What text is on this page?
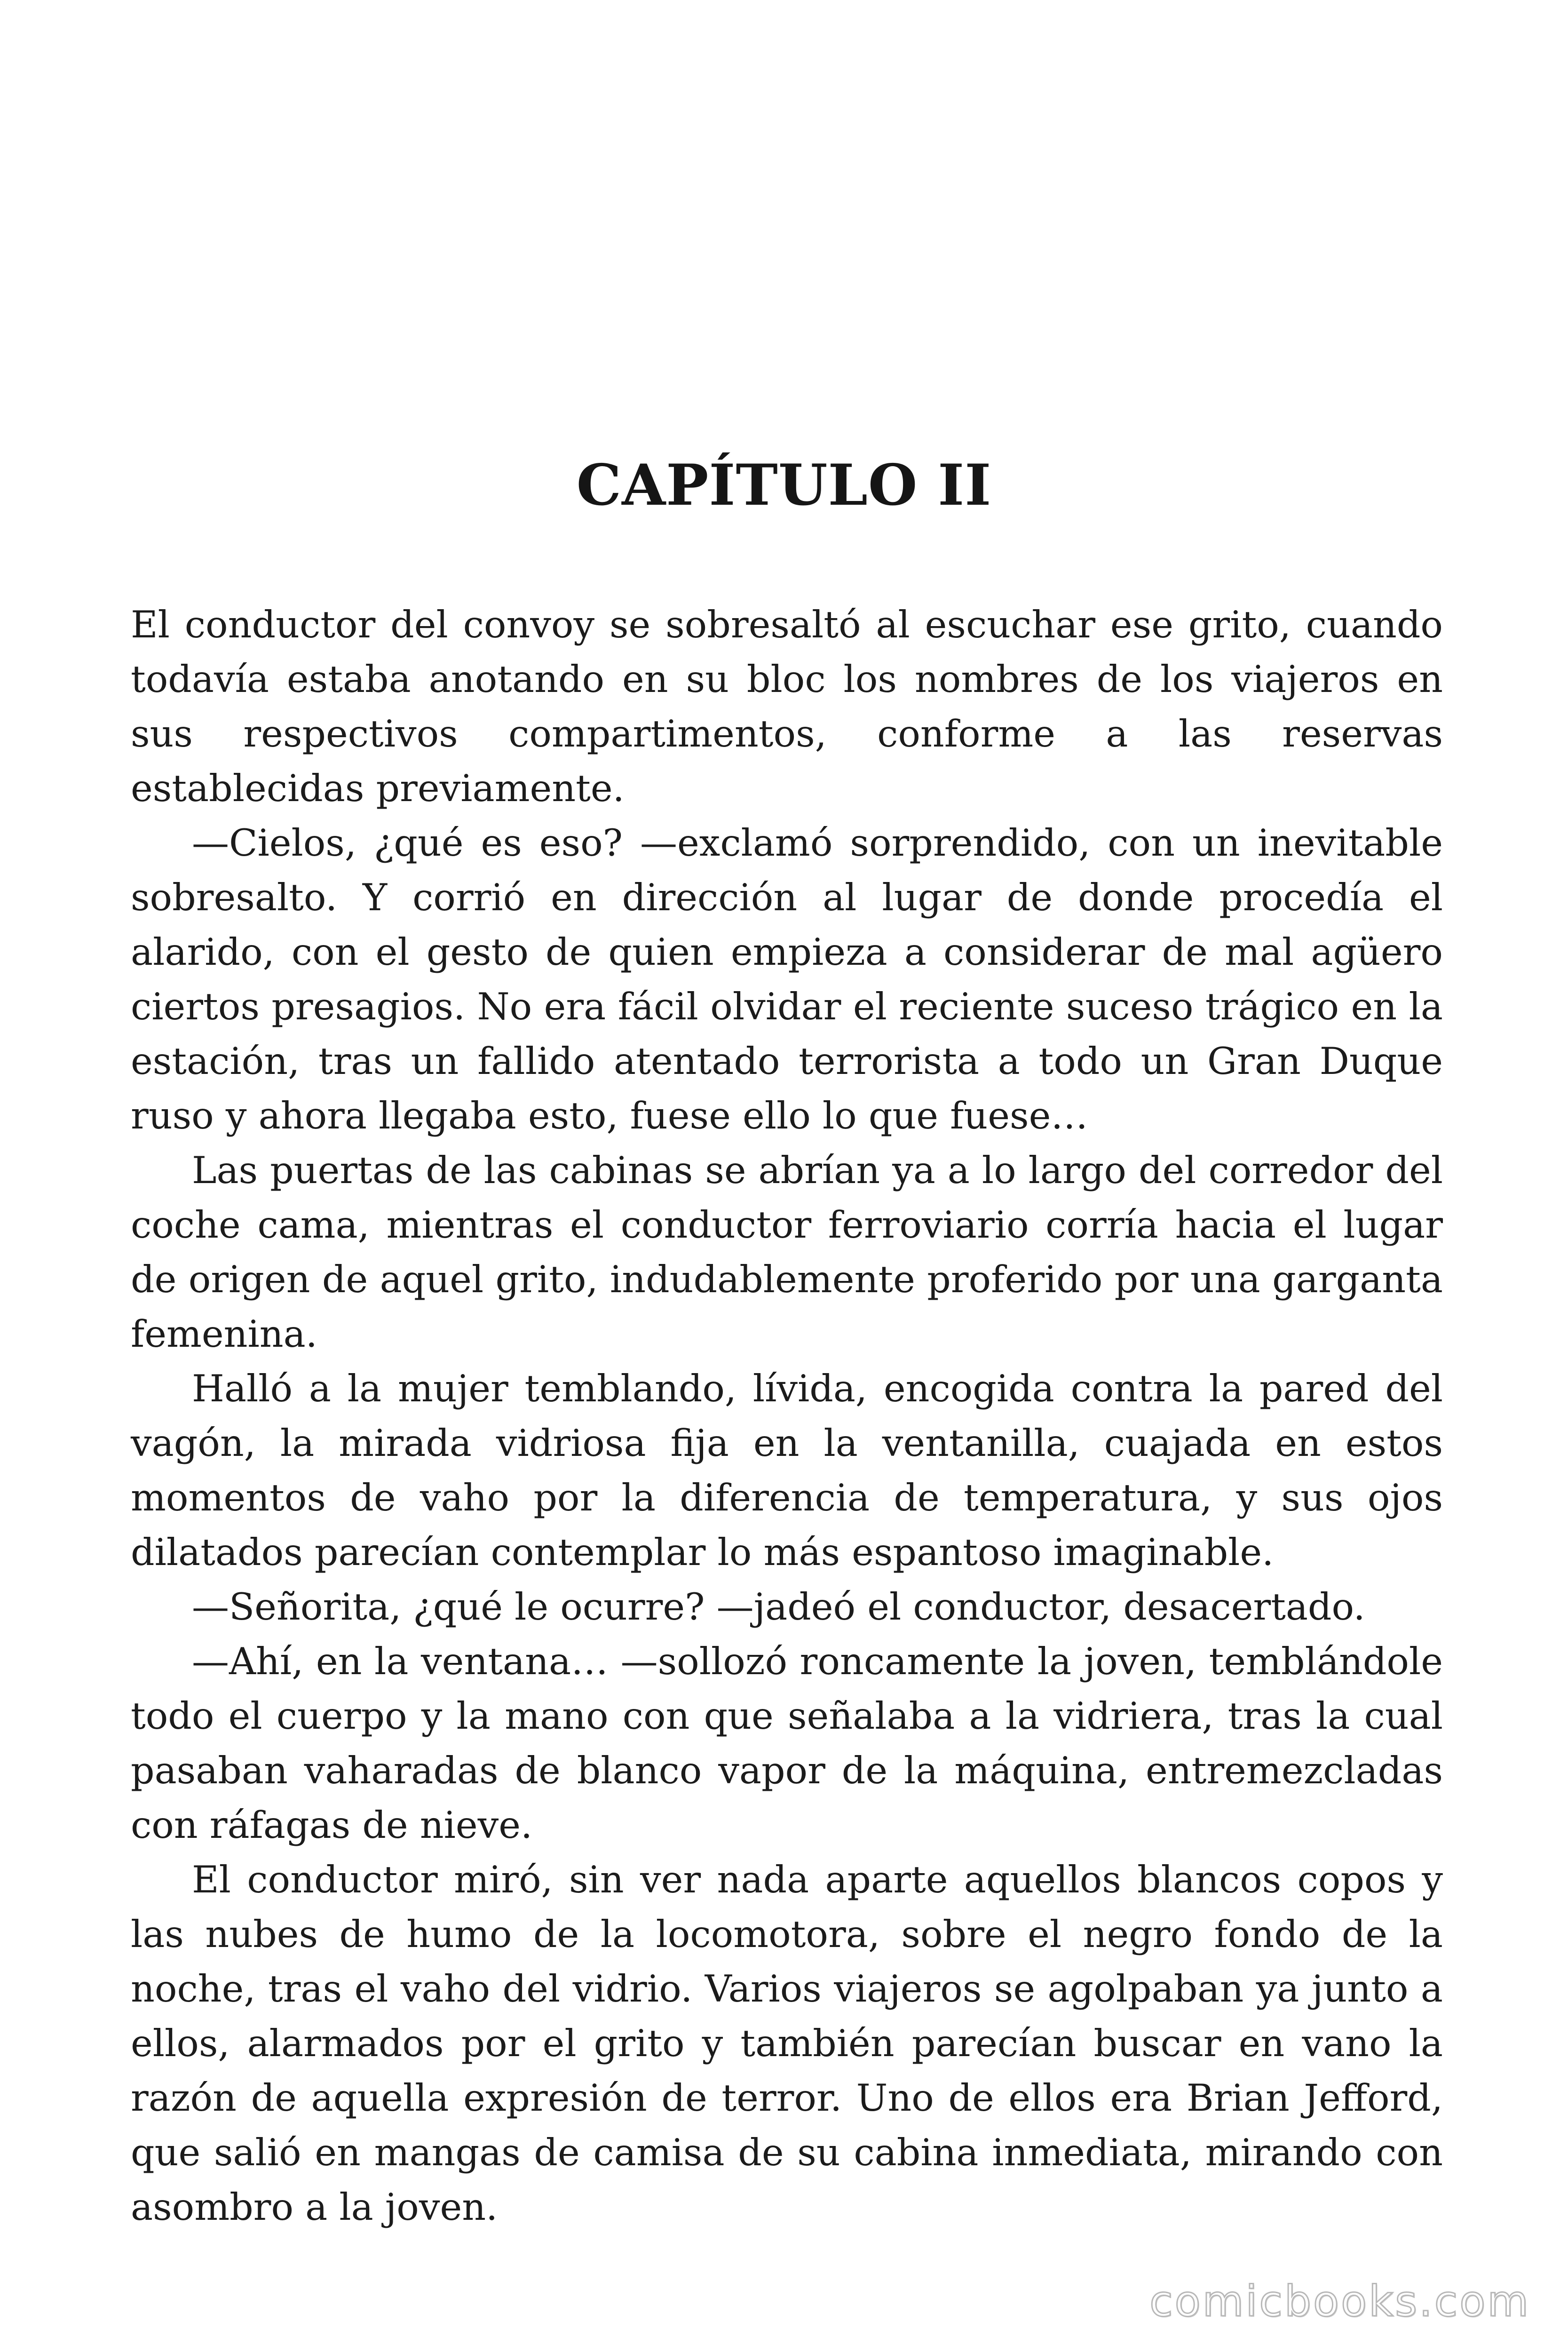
CAPÍTULO II

El conductor del convoy se sobresaltó al escuchar ese grito, cuando todavía estaba anotando en su bloc los nombres de los viajeros en sus respectivos compartimentos, conforme a las reservas establecidas previamente.

—Cielos, ¿qué es eso? —exclamó sorprendido, con un inevitable sobresalto. Y corrió en dirección al lugar de donde procedía el alarido, con el gesto de quien empieza a considerar de mal agüero ciertos presagios. No era fácil olvidar el reciente suceso trágico en la estación, tras un fallido atentado terrorista a todo un Gran Duque ruso y ahora llegaba esto, fuese ello lo que fuese…

Las puertas de las cabinas se abrían ya a lo largo del corredor del coche cama, mientras el conductor ferroviario corría hacia el lugar de origen de aquel grito, indudablemente proferido por una garganta femenina.

Halló a la mujer temblando, lívida, encogida contra la pared del vagón, la mirada vidriosa fija en la ventanilla, cuajada en estos momentos de vaho por la diferencia de temperatura, y sus ojos dilatados parecían contemplar lo más espantoso imaginable.

—Señorita, ¿qué le ocurre? —jadeó el conductor, desacertado.

—Ahí, en la ventana… —sollozó roncamente la joven, temblándole todo el cuerpo y la mano con que señalaba a la vidriera, tras la cual pasaban vaharadas de blanco vapor de la máquina, entremezcladas con ráfagas de nieve.

El conductor miró, sin ver nada aparte aquellos blancos copos y las nubes de humo de la locomotora, sobre el negro fondo de la noche, tras el vaho del vidrio. Varios viajeros se agolpaban ya junto a ellos, alarmados por el grito y también parecían buscar en vano la razón de aquella expresión de terror. Uno de ellos era Brian Jefford, que salió en mangas de camisa de su cabina inmediata, mirando con asombro a la joven.

comicbooks.com
